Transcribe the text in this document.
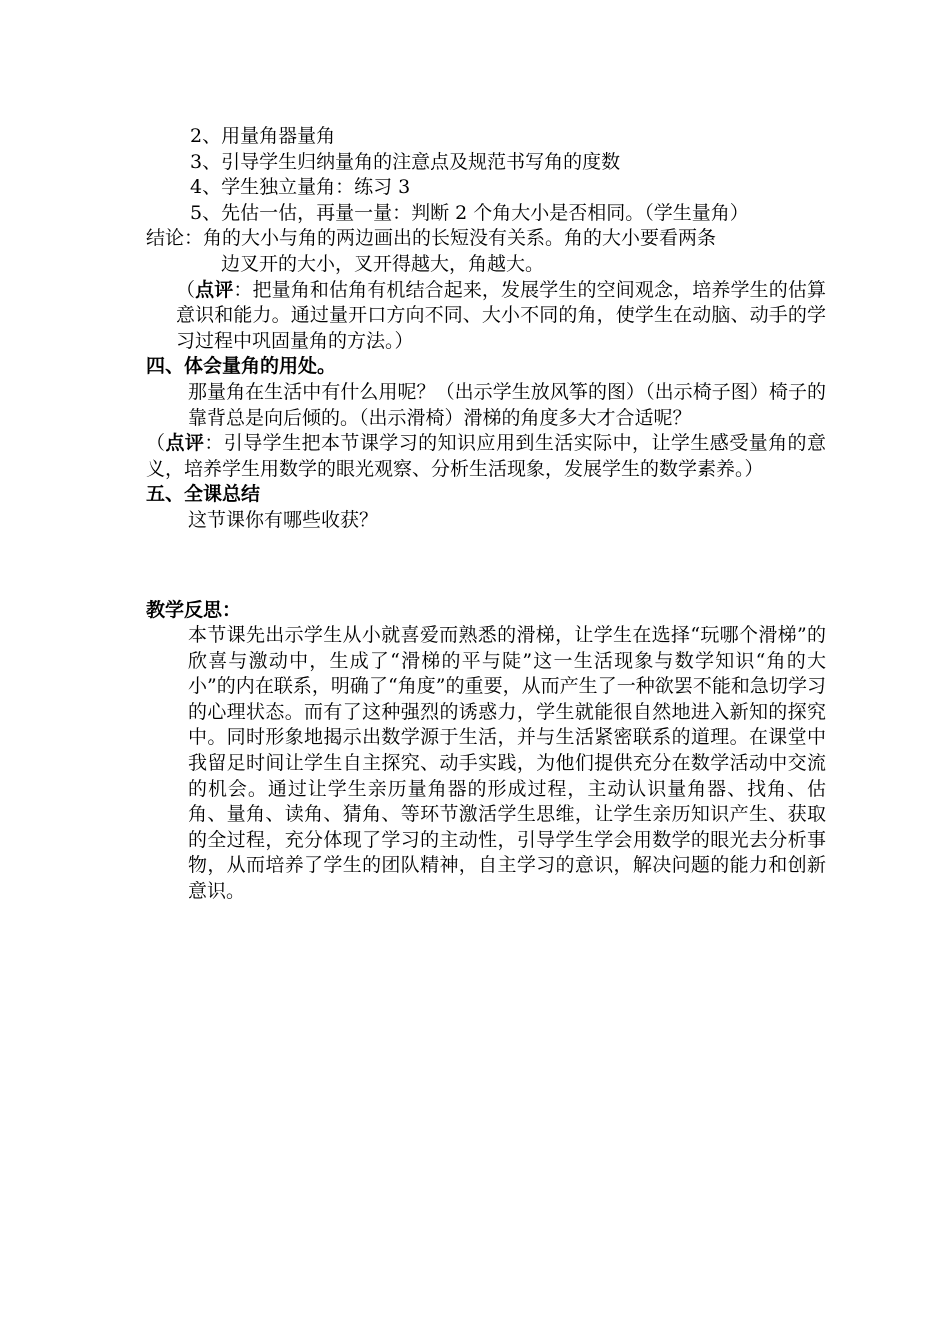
2、用量角器量角

3、引导学生归纳量角的注意点及规范书写角的度数

4、学生独立量角：练习 3

5、先估一估，再量一量：判断 2 个角大小是否相同。（学生量角）

结论：角的大小与角的两边画出的长短没有关系。角的大小要看两条

边叉开的大小，叉开得越大，角越大。

（点评：把量角和估角有机结合起来，发展学生的空间观念，培养学生的估算意识和能力。通过量开口方向不同、大小不同的角，使学生在动脑、动手的学习过程中巩固量角的方法。）

四、体会量角的用处。

那量角在生活中有什么用呢？（出示学生放风筝的图）（出示椅子图）椅子的靠背总是向后倾的。（出示滑椅）滑梯的角度多大才合适呢？

（点评：引导学生把本节课学习的知识应用到生活实际中，让学生感受量角的意义，培养学生用数学的眼光观察、分析生活现象，发展学生的数学素养。）

五、全课总结

这节课你有哪些收获？

教学反思：

本节课先出示学生从小就喜爱而熟悉的滑梯，让学生在选择“玩哪个滑梯”的欣喜与激动中，生成了“滑梯的平与陡”这一生活现象与数学知识“角的大小”的内在联系，明确了“角度”的重要，从而产生了一种欲罢不能和急切学习的心理状态。而有了这种强烈的诱惑力，学生就能很自然地进入新知的探究中。同时形象地揭示出数学源于生活，并与生活紧密联系的道理。在课堂中我留足时间让学生自主探究、动手实践，为他们提供充分在数学活动中交流的机会。通过让学生亲历量角器的形成过程，主动认识量角器、找角、估角、量角、读角、猜角、等环节激活学生思维，让学生亲历知识产生、获取的全过程，充分体现了学习的主动性，引导学生学会用数学的眼光去分析事物，从而培养了学生的团队精神，自主学习的意识，解决问题的能力和创新意识。
